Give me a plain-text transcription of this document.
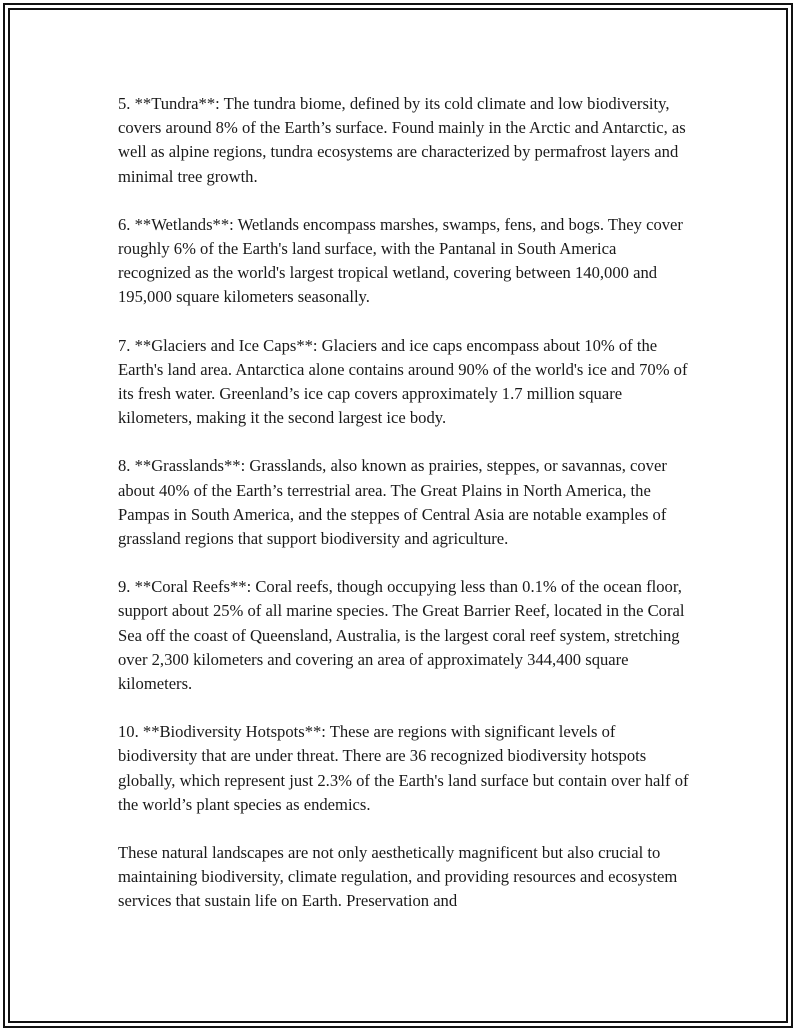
5. **Tundra**: The tundra biome, defined by its cold climate and low biodiversity, covers around 8% of the Earth’s surface. Found mainly in the Arctic and Antarctic, as well as alpine regions, tundra ecosystems are characterized by permafrost layers and minimal tree growth.

6. **Wetlands**: Wetlands encompass marshes, swamps, fens, and bogs. They cover roughly 6% of the Earth's land surface, with the Pantanal in South America recognized as the world's largest tropical wetland, covering between 140,000 and 195,000 square kilometers seasonally.

7. **Glaciers and Ice Caps**: Glaciers and ice caps encompass about 10% of the Earth's land area. Antarctica alone contains around 90% of the world's ice and 70% of its fresh water. Greenland’s ice cap covers approximately 1.7 million square kilometers, making it the second largest ice body.

8. **Grasslands**: Grasslands, also known as prairies, steppes, or savannas, cover about 40% of the Earth’s terrestrial area. The Great Plains in North America, the Pampas in South America, and the steppes of Central Asia are notable examples of grassland regions that support biodiversity and agriculture.

9. **Coral Reefs**: Coral reefs, though occupying less than 0.1% of the ocean floor, support about 25% of all marine species. The Great Barrier Reef, located in the Coral Sea off the coast of Queensland, Australia, is the largest coral reef system, stretching over 2,300 kilometers and covering an area of approximately 344,400 square kilometers.

10. **Biodiversity Hotspots**: These are regions with significant levels of biodiversity that are under threat. There are 36 recognized biodiversity hotspots globally, which represent just 2.3% of the Earth's land surface but contain over half of the world’s plant species as endemics.

These natural landscapes are not only aesthetically magnificent but also crucial to maintaining biodiversity, climate regulation, and providing resources and ecosystem services that sustain life on Earth. Preservation and
